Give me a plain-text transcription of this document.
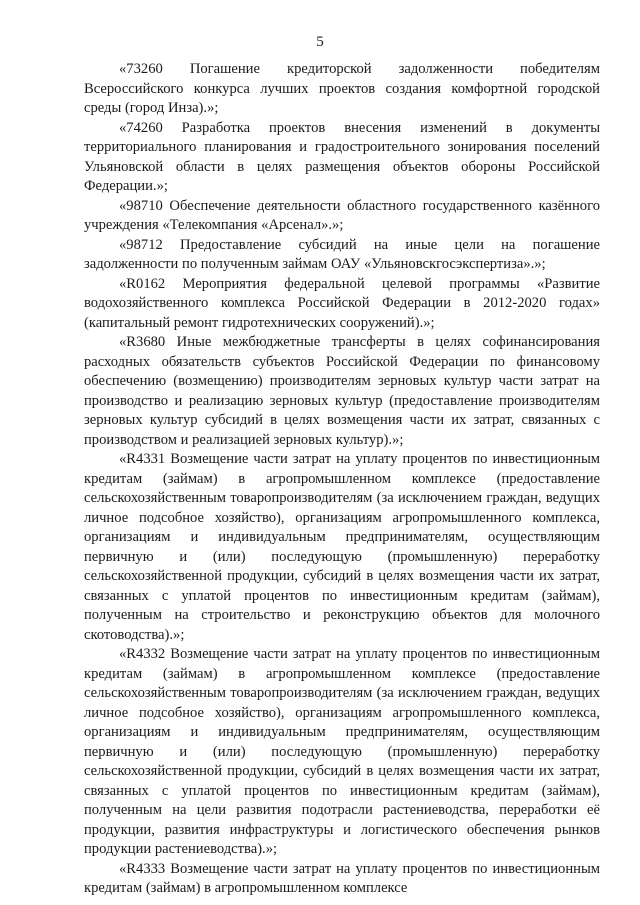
5

«73260 Погашение кредиторской задолженности победителям Всероссийского конкурса лучших проектов создания комфортной городской среды (город Инза).»;

«74260 Разработка проектов внесения изменений в документы территориального планирования и градостроительного зонирования поселений Ульяновской области в целях размещения объектов обороны Российской Федерации.»;

«98710 Обеспечение деятельности областного государственного казённого учреждения «Телекомпания «Арсенал».»;

«98712 Предоставление субсидий на иные цели на погашение задолженности по полученным займам ОАУ «Ульяновскгосэкспертиза».»;

«R0162 Мероприятия федеральной целевой программы «Развитие водохозяйственного комплекса Российской Федерации в 2012-2020 годах» (капитальный ремонт гидротехнических сооружений).»;

«R3680 Иные межбюджетные трансферты в целях софинансирования расходных обязательств субъектов Российской Федерации по финансовому обеспечению (возмещению) производителям зерновых культур части затрат на производство и реализацию зерновых культур (предоставление производителям зерновых культур субсидий в целях возмещения части их затрат, связанных с производством и реализацией зерновых культур).»;

«R4331 Возмещение части затрат на уплату процентов по инвестиционным кредитам (займам) в агропромышленном комплексе (предоставление сельскохозяйственным товаропроизводителям (за исключением граждан, ведущих личное подсобное хозяйство), организациям агропромышленного комплекса, организациям и индивидуальным предпринимателям, осуществляющим первичную и (или) последующую (промышленную) переработку сельскохозяйственной продукции, субсидий в целях возмещения части их затрат, связанных с уплатой процентов по инвестиционным кредитам (займам), полученным на строительство и реконструкцию объектов для молочного скотоводства).»;

«R4332 Возмещение части затрат на уплату процентов по инвестиционным кредитам (займам) в агропромышленном комплексе (предоставление сельскохозяйственным товаропроизводителям (за исключением граждан, ведущих личное подсобное хозяйство), организациям агропромышленного комплекса, организациям и индивидуальным предпринимателям, осуществляющим первичную и (или) последующую (промышленную) переработку сельскохозяйственной продукции, субсидий в целях возмещения части их затрат, связанных с уплатой процентов по инвестиционным кредитам (займам), полученным на цели развития подотрасли растениеводства, переработки её продукции, развития инфраструктуры и логистического обеспечения рынков продукции растениеводства).»;

«R4333 Возмещение части затрат на уплату процентов по инвестиционным кредитам (займам) в агропромышленном комплексе
